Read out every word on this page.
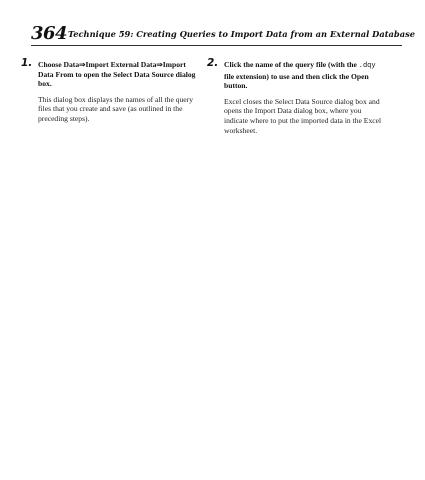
364 Technique 59: Creating Queries to Import Data from an External Database
1. Choose Data⇒Import External Data⇒Import Data From to open the Select Data Source dialog box.

This dialog box displays the names of all the query files that you create and save (as outlined in the preceding steps).

2. Click the name of the query file (with the .dqy file extension) to use and then click the Open button.

Excel closes the Select Data Source dialog box and opens the Import Data dialog box, where you indicate where to put the imported data in the Excel worksheet.
